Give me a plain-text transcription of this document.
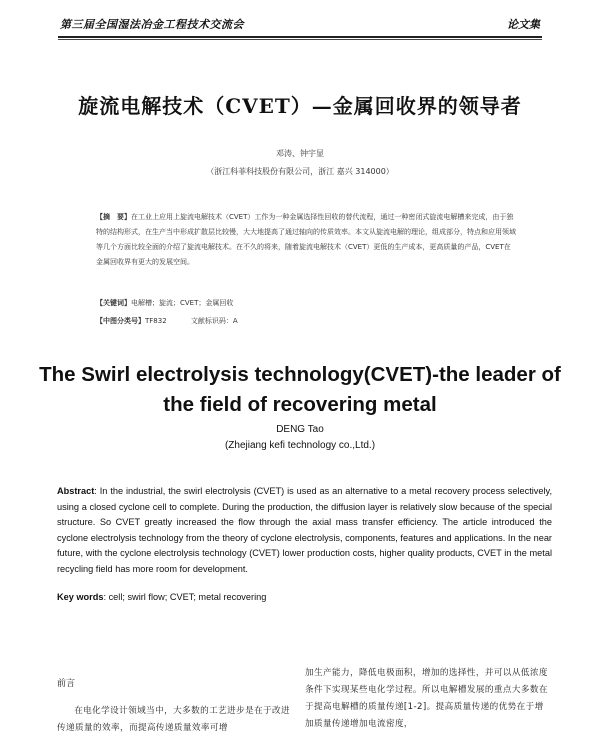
第三届全国湿法冶金工程技术交流会	论文集
旋流电解技术（CVET）—金属回收界的领导者
邓涛、钟宇显
（浙江科菲科技股份有限公司，浙江 嘉兴 314000）
【摘　要】在工业上应用上旋流电解技术（CVET）工作为一种金属选择性回收的替代流程，通过一种密闭式旋流电解槽来完成，由于独特的结构形式，在生产当中形成扩散层比较慢，大大地提高了通过轴向的传质效率。本文从旋流电解的理论，组成部分，特点和应用领域等几个方面比较全面的介绍了旋流电解技术。在不久的将来，随着旋流电解技术（CVET）更低的生产成本，更高质量的产品，CVET在金属回收界有更大的发展空间。
【关键词】电解槽；旋流；CVET；金属回收
【中图分类号】TF832	文献标识码：A
The Swirl electrolysis technology(CVET)-the leader of
the field of recovering metal
DENG Tao
(Zhejiang kefi technology co.,Ltd.)

Abstract: In the industrial, the swirl electrolysis (CVET) is used as an alternative to a metal recovery process selectively, using a closed cyclone cell to complete. During the production, the diffusion layer is relatively slow because of the special structure. So CVET greatly increased the flow through the axial mass transfer efficiency. The article introduced the cyclone electrolysis technology from the theory of cyclone electrolysis, components, features and applications. In the near future, with the cyclone electrolysis technology (CVET) lower production costs, higher quality products, CVET in the metal recycling field has more room for development.

Key words: cell; swirl flow; CVET; metal recovering

前言

在电化学设计领域当中，大多数的工艺进步是在于改进传递质量的效率，而提高传递质量效率可增

加生产能力，降低电极面积，增加的选择性，并可以从低浓度条件下实现某些电化学过程。所以电解槽发展的重点大多数在于提高电解槽的质量传递[1-2]。提高质量传递的优势在于增加质量传递增加电流密度，
